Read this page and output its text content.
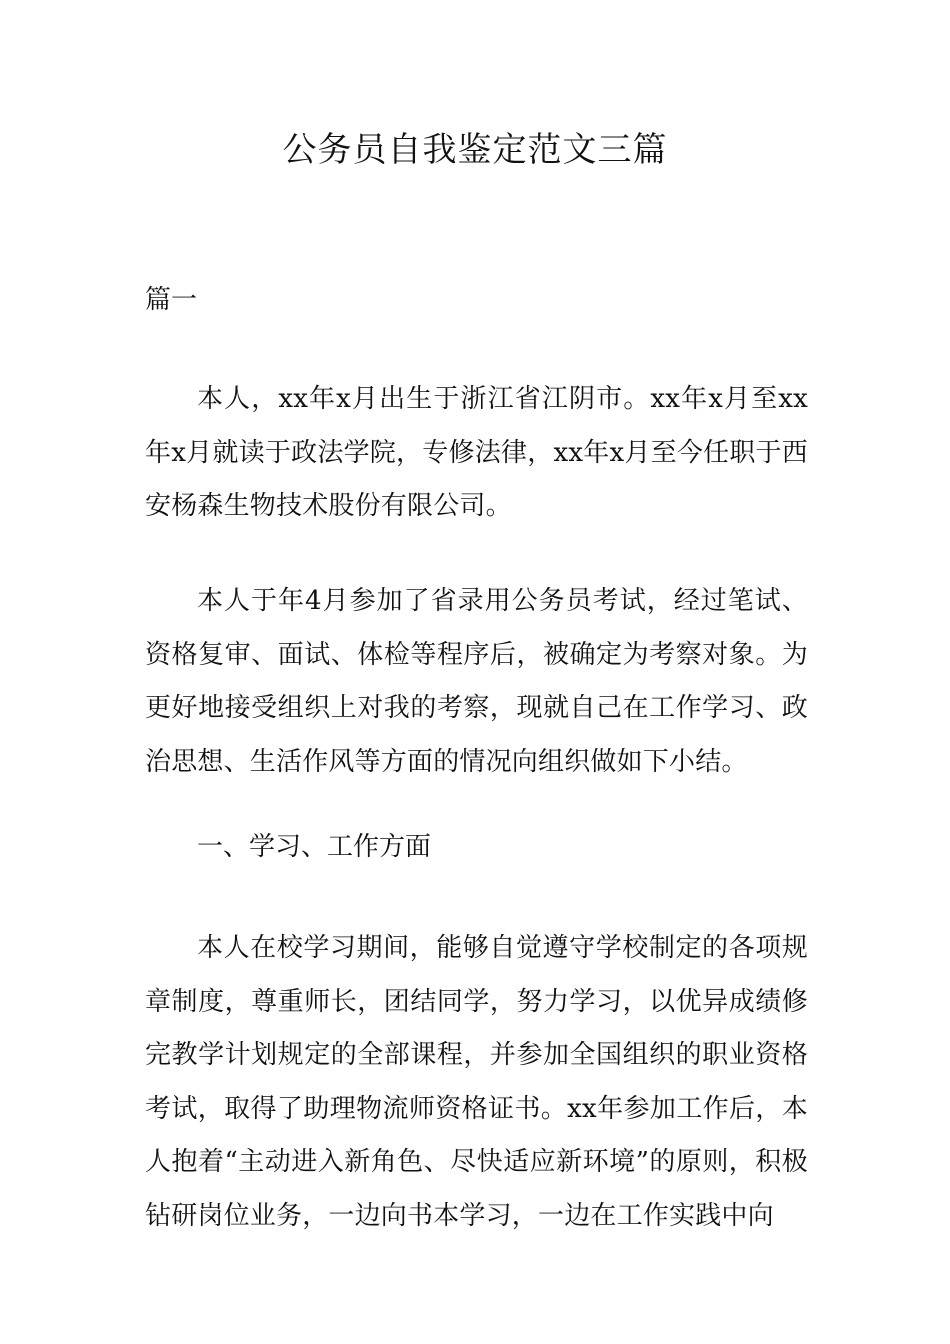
公务员自我鉴定范文三篇

篇一

本人，xx年x月出生于浙江省江阴市。xx年x月至xx年x月就读于政法学院，专修法律，xx年x月至今任职于西安杨森生物技术股份有限公司。

本人于年4月参加了省录用公务员考试，经过笔试、资格复审、面试、体检等程序后，被确定为考察对象。为更好地接受组织上对我的考察，现就自己在工作学习、政治思想、生活作风等方面的情况向组织做如下小结。

一、学习、工作方面

本人在校学习期间，能够自觉遵守学校制定的各项规章制度，尊重师长，团结同学，努力学习，以优异成绩修完教学计划规定的全部课程，并参加全国组织的职业资格考试，取得了助理物流师资格证书。xx年参加工作后，本人抱着“主动进入新角色、尽快适应新环境”的原则，积极钻研岗位业务，一边向书本学习，一边在工作实践中向
